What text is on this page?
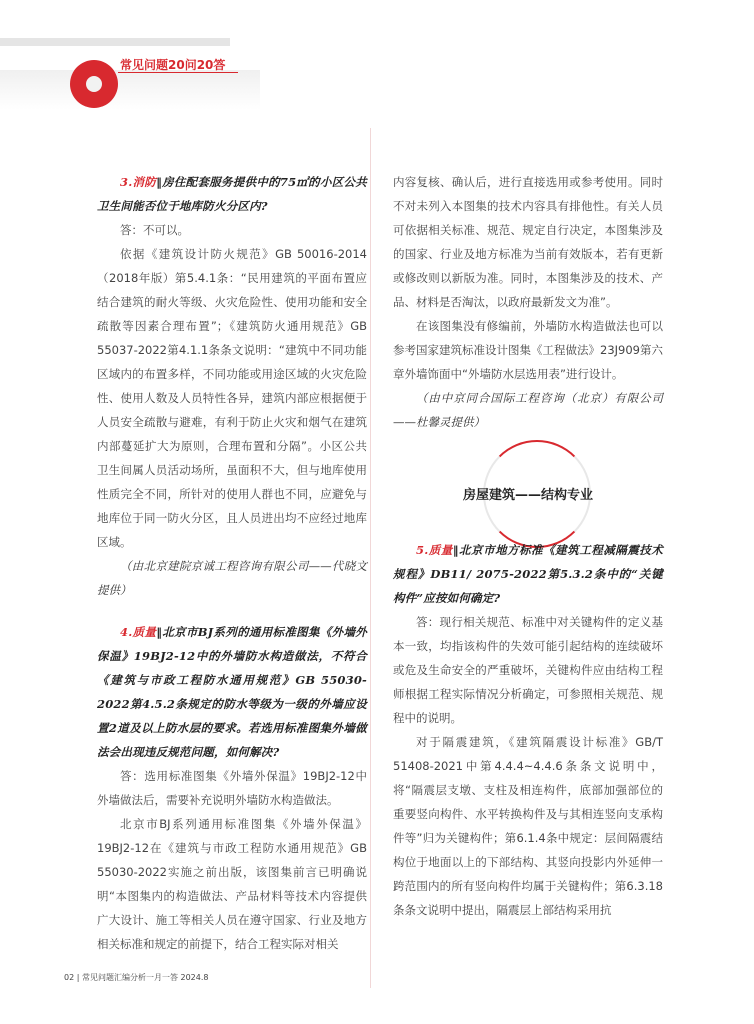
常见问题20问20答

3.消防‖房住配套服务提供中的75㎡的小区公共卫生间能否位于地库防火分区内?

答：不可以。

依据《建筑设计防火规范》GB 50016-2014（2018年版）第5.4.1条：“民用建筑的平面布置应结合建筑的耐火等级、火灾危险性、使用功能和安全疏散等因素合理布置”；《建筑防火通用规范》GB 55037-2022第4.1.1条条文说明：“建筑中不同功能区域内的布置多样，不同功能或用途区域的火灾危险性、使用人数及人员特性各异，建筑内部应根据便于人员安全疏散与避难，有利于防止火灾和烟气在建筑内部蔓延扩大为原则，合理布置和分隔”。小区公共卫生间属人员活动场所，虽面积不大，但与地库使用性质完全不同，所针对的使用人群也不同，应避免与地库位于同一防火分区，且人员进出均不应经过地库区域。

（由北京建院京诚工程咨询有限公司——代晓文提供）

4.质量‖北京市BJ系列的通用标准图集《外墙外保温》19BJ2-12中的外墙防水构造做法，不符合《建筑与市政工程防水通用规范》GB 55030-2022第4.5.2条规定的防水等级为一级的外墙应设置2道及以上防水层的要求。若选用标准图集外墙做法会出现违反规范问题，如何解决?

答：选用标准图集《外墙外保温》19BJ2-12中外墙做法后，需要补充说明外墙防水构造做法。

北京市BJ系列通用标准图集《外墙外保温》19BJ2-12在《建筑与市政工程防水通用规范》GB 55030-2022实施之前出版，该图集前言已明确说明“本图集内的构造做法、产品材料等技术内容提供广大设计、施工等相关人员在遵守国家、行业及地方相关标准和规定的前提下，结合工程实际对相关

内容复核、确认后，进行直接选用或参考使用。同时不对未列入本图集的技术内容具有排他性。有关人员可依据相关标准、规范、规定自行决定，本图集涉及的国家、行业及地方标准为当前有效版本，若有更新或修改则以新版为准。同时，本图集涉及的技术、产品、材料是否淘汰，以政府最新发文为准”。

在该图集没有修编前，外墙防水构造做法也可以参考国家建筑标准设计图集《工程做法》23J909第六章外墙饰面中“外墙防水层选用表”进行设计。

（由中京同合国际工程咨询（北京）有限公司——杜馨灵提供）

房屋建筑——结构专业

5.质量‖北京市地方标准《建筑工程减隔震技术规程》DB11/ 2075-2022第5.3.2条中的“关键构件”应按如何确定?

答：现行相关规范、标准中对关键构件的定义基本一致，均指该构件的失效可能引起结构的连续破坏或危及生命安全的严重破坏，关键构件应由结构工程师根据工程实际情况分析确定，可参照相关规范、规程中的说明。

对于隔震建筑，《建筑隔震设计标准》GB/T 51408-2021中第4.4.4~4.4.6条条文说明中，将“隔震层支墩、支柱及相连构件，底部加强部位的重要竖向构件、水平转换构件及与其相连竖向支承构件等”归为关键构件；第6.1.4条中规定：层间隔震结构位于地面以上的下部结构、其竖向投影内外延伸一跨范围内的所有竖向构件均属于关键构件；第6.3.18条条文说明中提出，隔震层上部结构采用抗

02 | 常见问题汇编分析一月一答 2024.8
